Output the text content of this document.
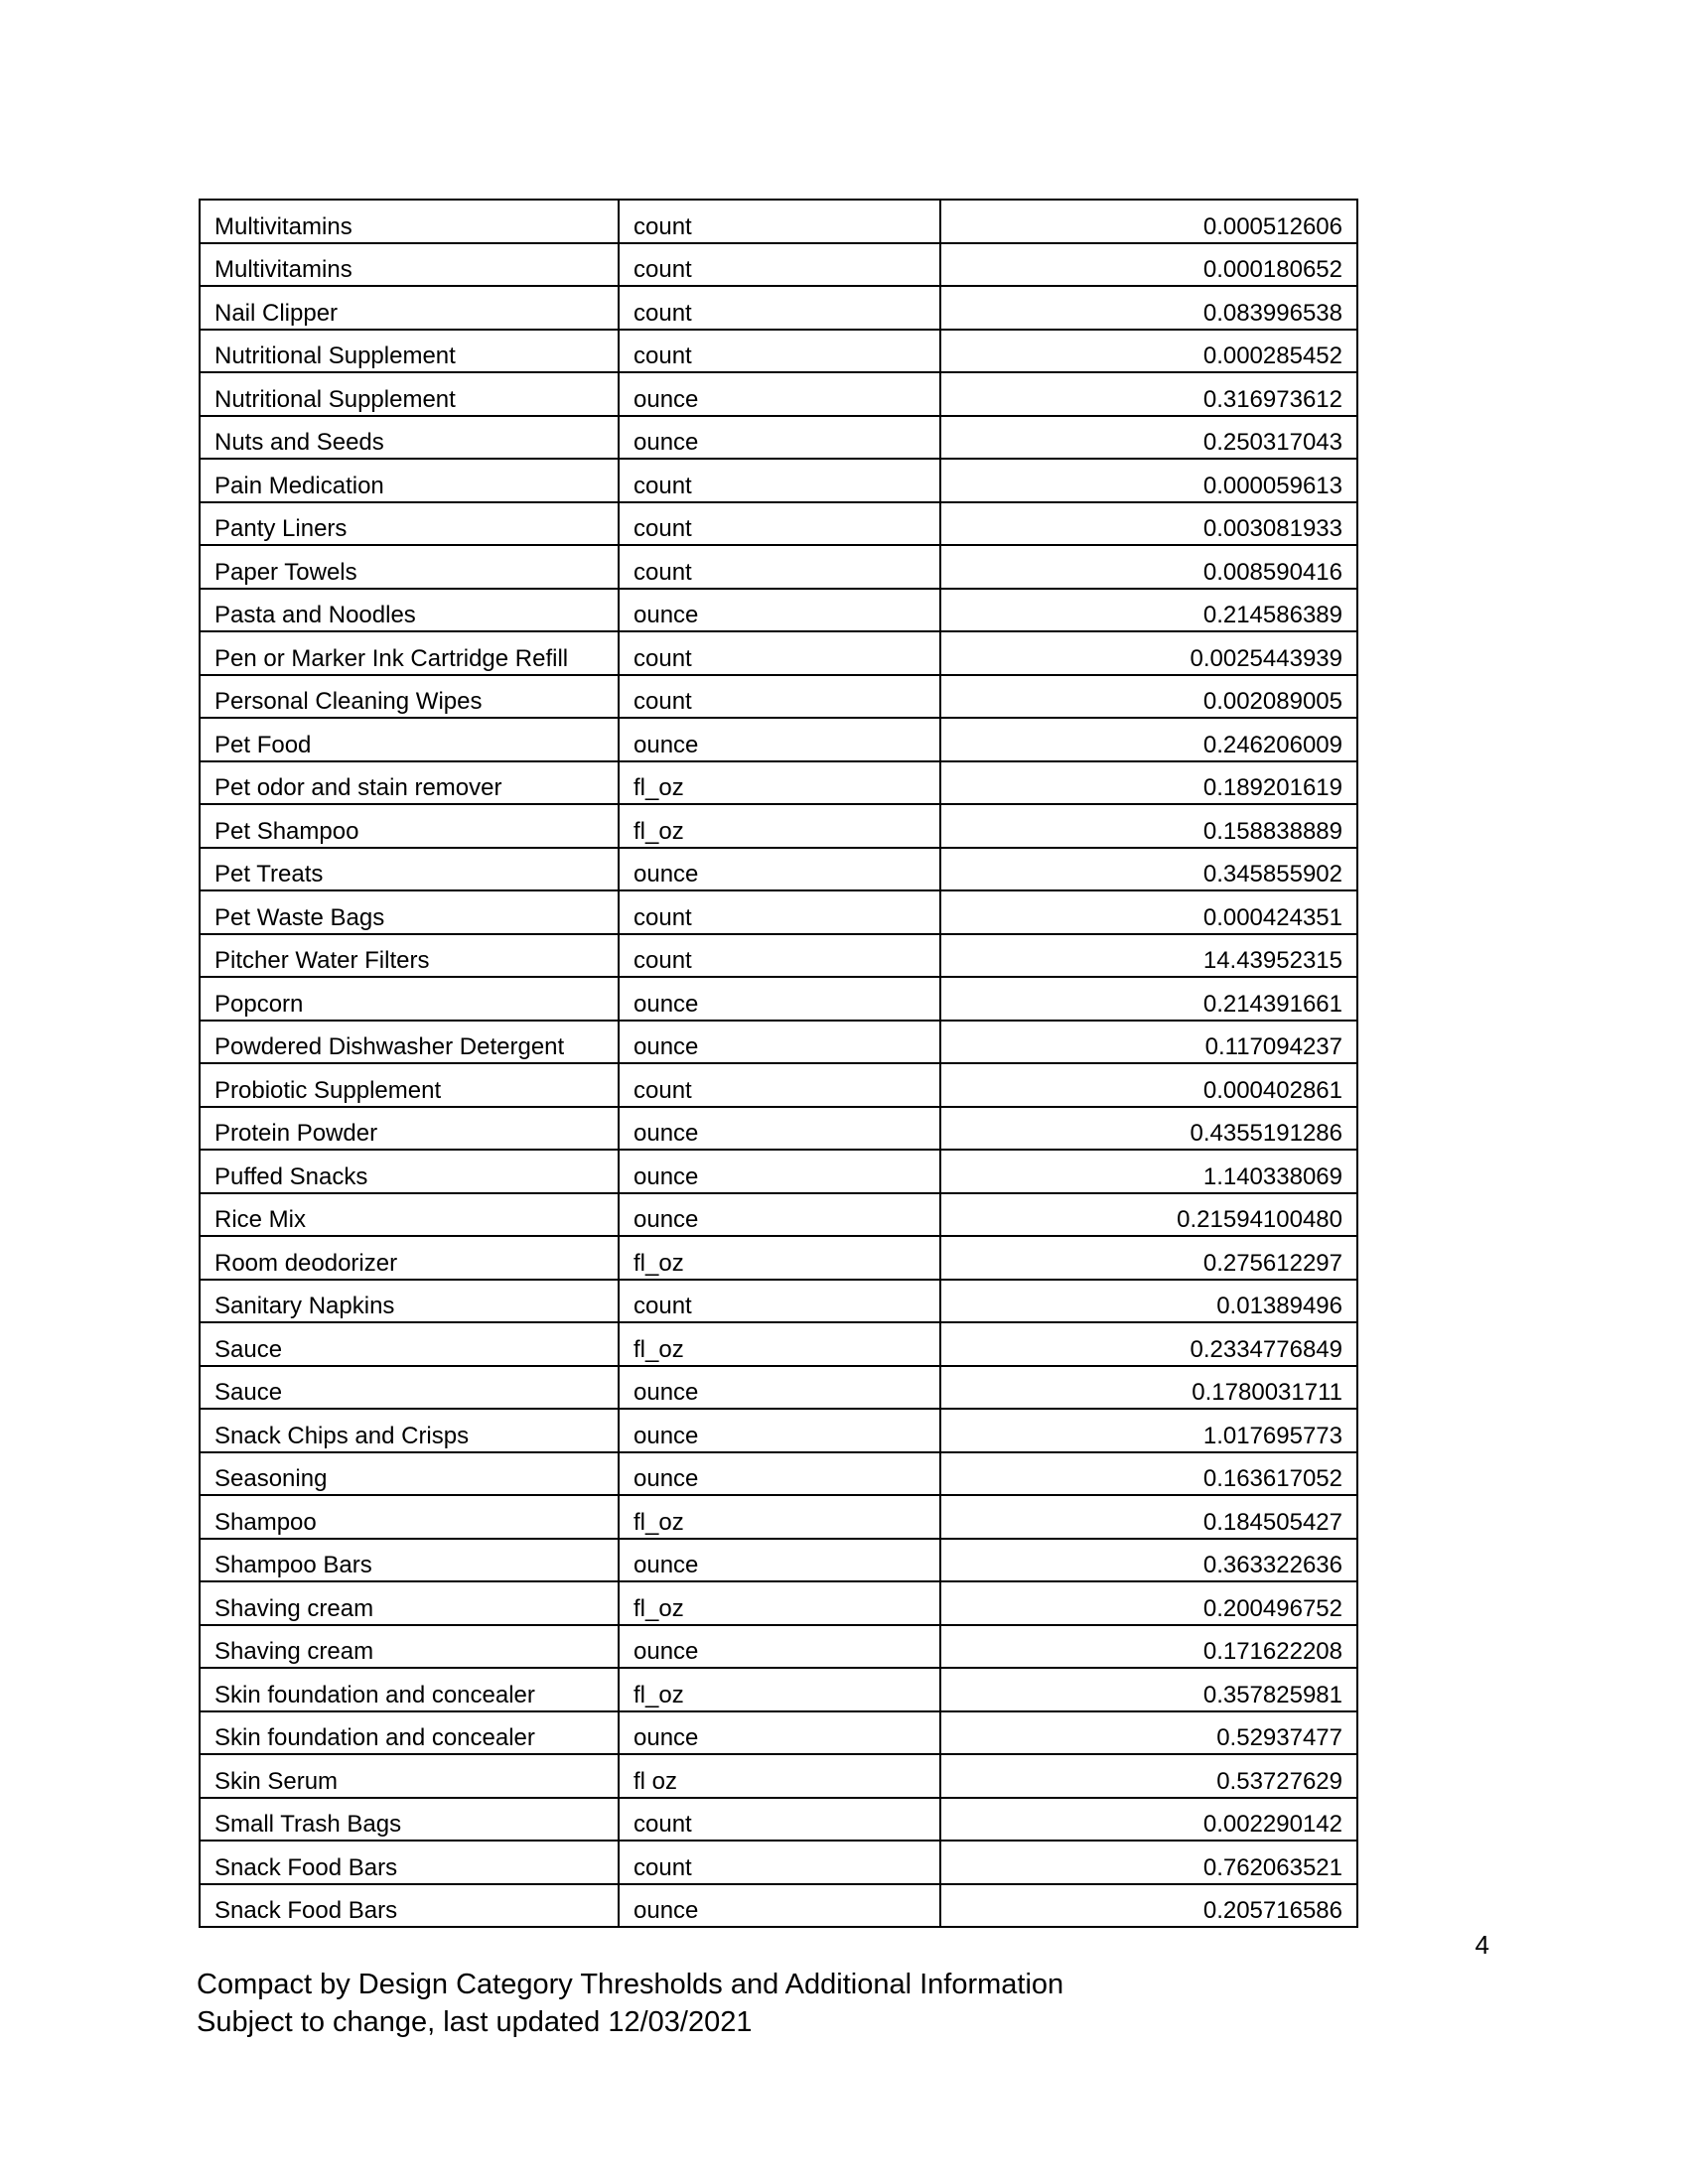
Multivitamins	count	0.000512606
Multivitamins	count	0.000180652
Nail Clipper	count	0.083996538
Nutritional Supplement	count	0.000285452
Nutritional Supplement	ounce	0.316973612
Nuts and Seeds	ounce	0.250317043
Pain Medication	count	0.000059613
Panty Liners	count	0.003081933
Paper Towels	count	0.008590416
Pasta and Noodles	ounce	0.214586389
Pen or Marker Ink Cartridge Refill	count	0.0025443939
Personal Cleaning Wipes	count	0.002089005
Pet Food	ounce	0.246206009
Pet odor and stain remover	fl_oz	0.189201619
Pet Shampoo	fl_oz	0.158838889
Pet Treats	ounce	0.345855902
Pet Waste Bags	count	0.000424351
Pitcher Water Filters	count	14.43952315
Popcorn	ounce	0.214391661
Powdered Dishwasher Detergent	ounce	0.117094237
Probiotic Supplement	count	0.000402861
Protein Powder	ounce	0.4355191286
Puffed Snacks	ounce	1.140338069
Rice Mix	ounce	0.21594100480
Room deodorizer	fl_oz	0.275612297
Sanitary Napkins	count	0.01389496
Sauce	fl_oz	0.2334776849
Sauce	ounce	0.1780031711
Snack Chips and Crisps	ounce	1.017695773
Seasoning	ounce	0.163617052
Shampoo	fl_oz	0.184505427
Shampoo Bars	ounce	0.363322636
Shaving cream	fl_oz	0.200496752
Shaving cream	ounce	0.171622208
Skin foundation and concealer	fl_oz	0.357825981
Skin foundation and concealer	ounce	0.52937477
Skin Serum	fl oz	0.53727629
Small Trash Bags	count	0.002290142
Snack Food Bars	count	0.762063521
Snack Food Bars	ounce	0.205716586
4
Compact by Design Category Thresholds and Additional Information
Subject to change, last updated 12/03/2021
